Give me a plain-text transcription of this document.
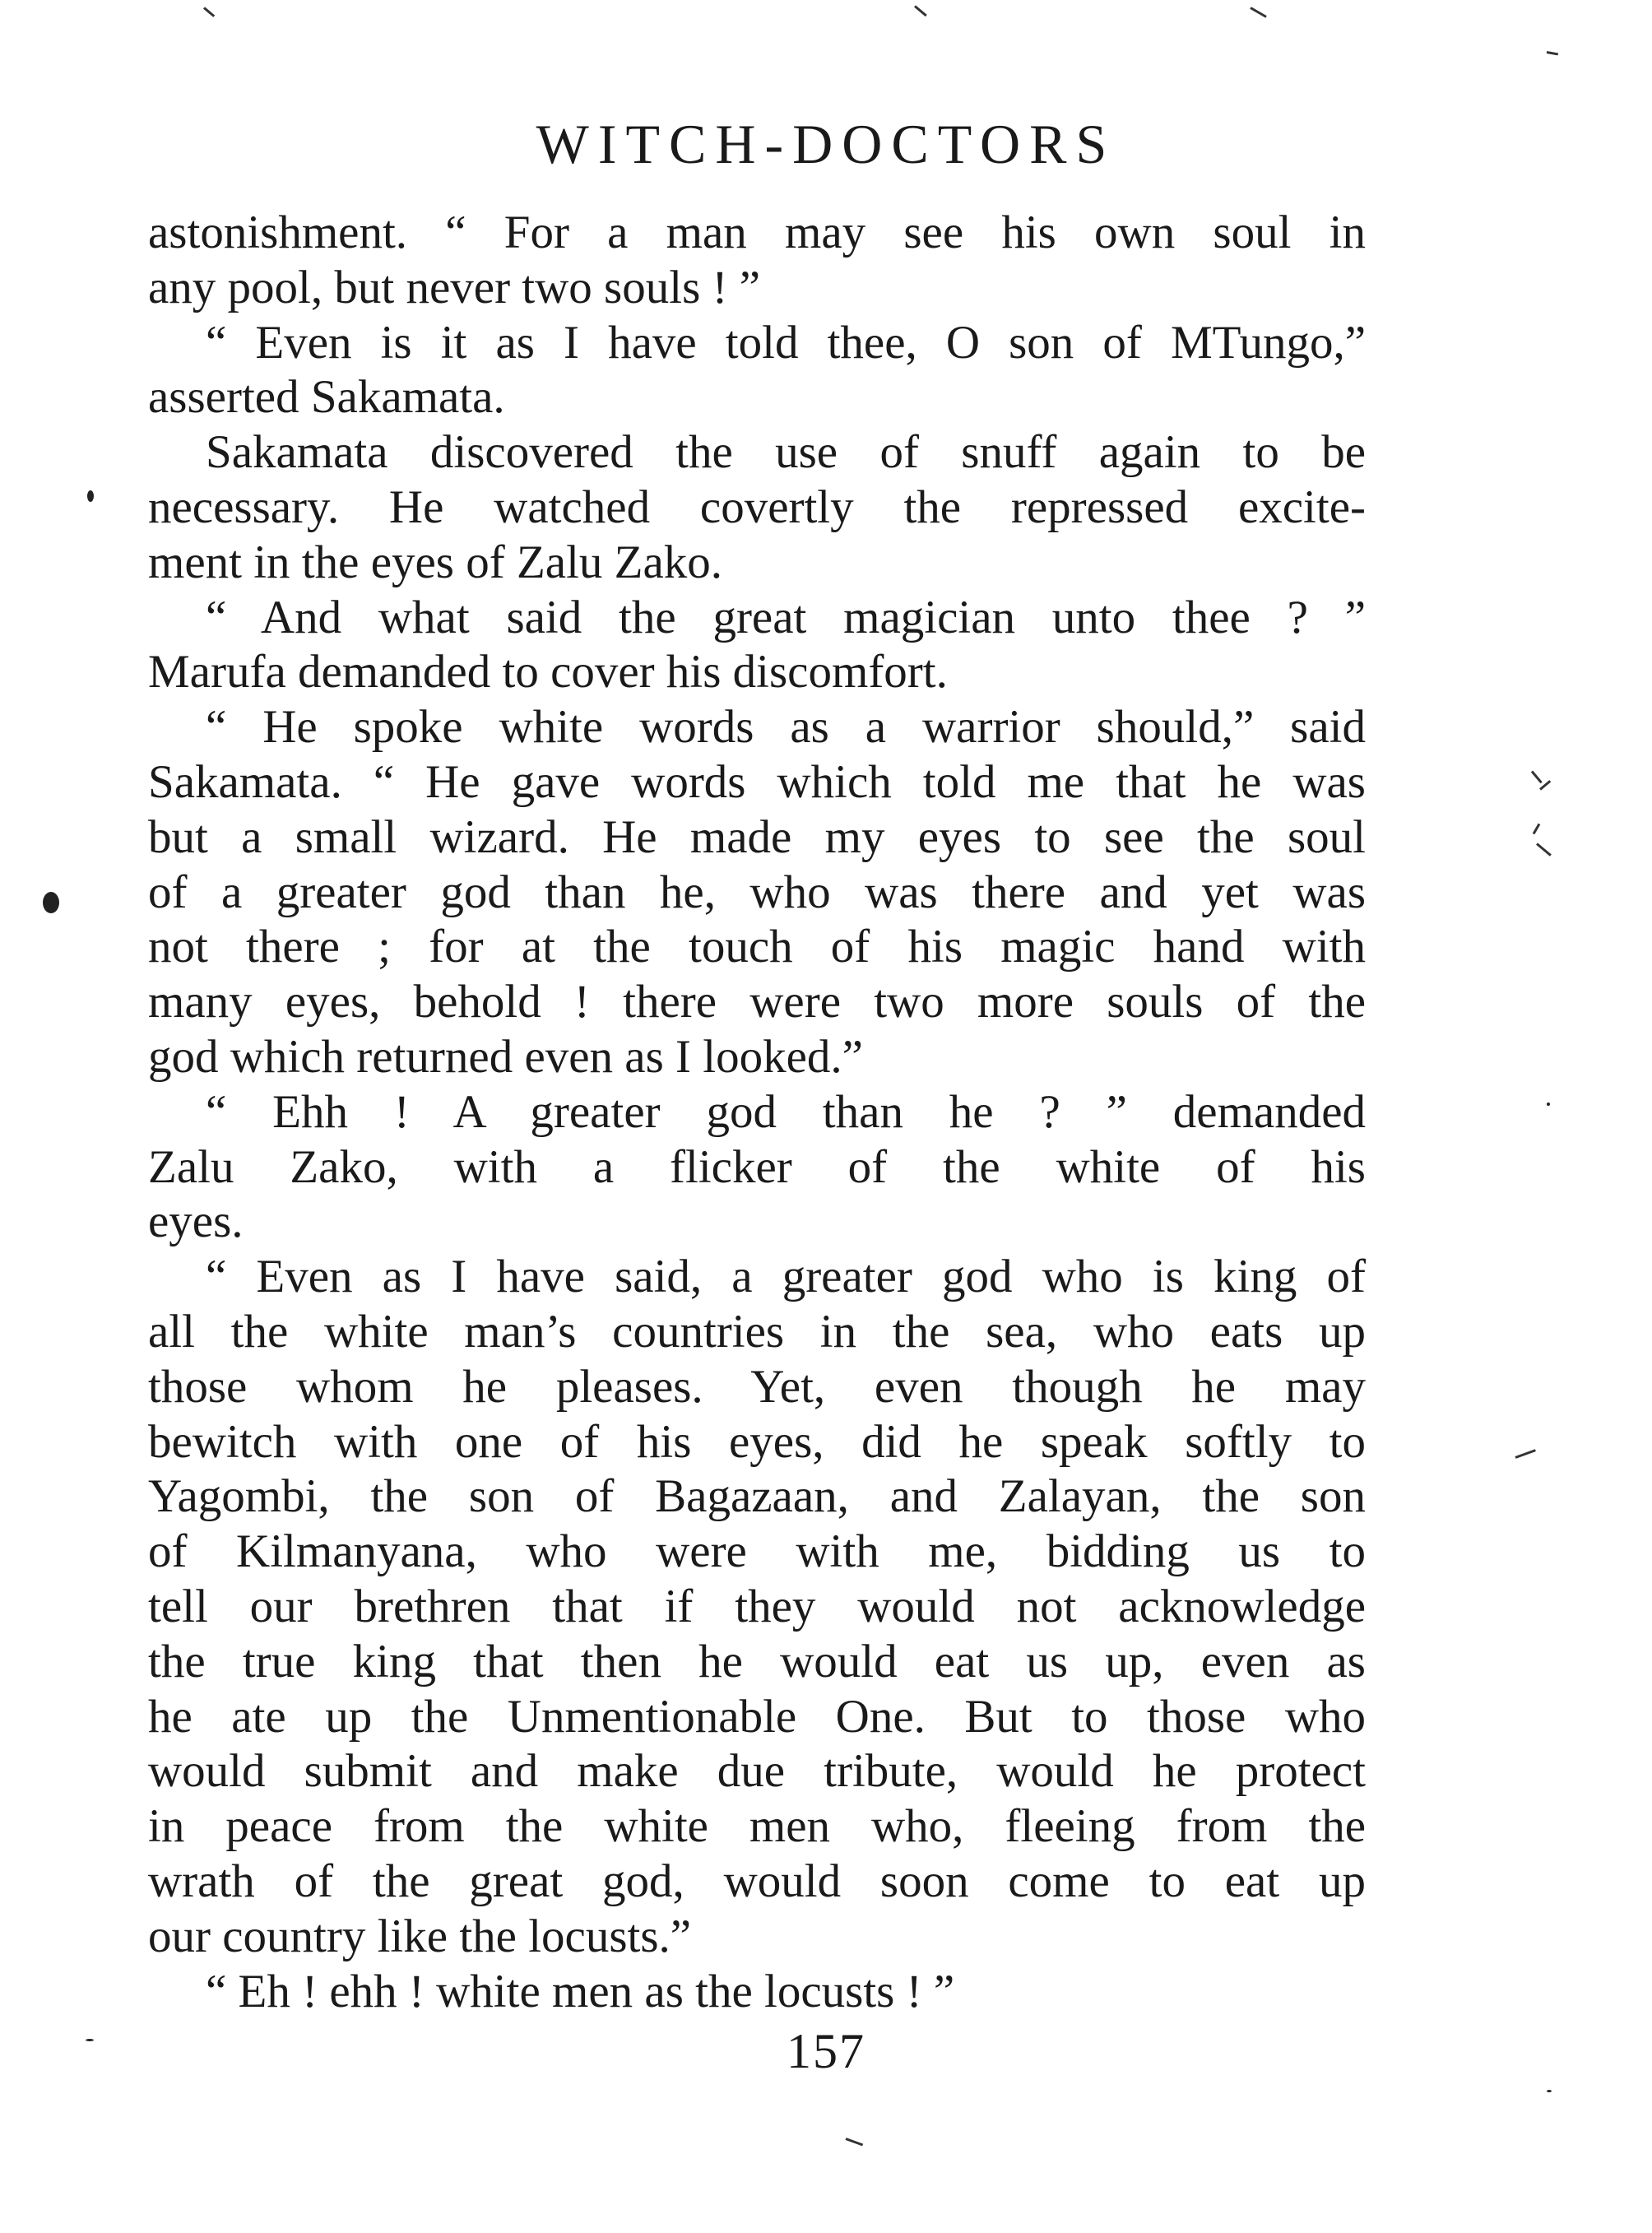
WITCH-DOCTORS
astonishment. “ For a man may see his own soul in
any pool, but never two souls ! ”
“ Even is it as I have told thee, O son of MTungo,”
asserted Sakamata.
Sakamata discovered the use of snuff again to be
necessary. He watched covertly the repressed excite-
ment in the eyes of Zalu Zako.
“ And what said the great magician unto thee ? ”
Marufa demanded to cover his discomfort.
“ He spoke white words as a warrior should,” said
Sakamata. “ He gave words which told me that he was
but a small wizard. He made my eyes to see the soul
of a greater god than he, who was there and yet was
not there ; for at the touch of his magic hand with
many eyes, behold ! there were two more souls of the
god which returned even as I looked.”
“ Ehh ! A greater god than he ? ” demanded
Zalu Zako, with a flicker of the white of his
eyes.
“ Even as I have said, a greater god who is king of
all the white man’s countries in the sea, who eats up
those whom he pleases. Yet, even though he may
bewitch with one of his eyes, did he speak softly to
Yagombi, the son of Bagazaan, and Zalayan, the son
of Kilmanyana, who were with me, bidding us to
tell our brethren that if they would not acknowledge
the true king that then he would eat us up, even as
he ate up the Unmentionable One. But to those who
would submit and make due tribute, would he protect
in peace from the white men who, fleeing from the
wrath of the great god, would soon come to eat up
our country like the locusts.”
“ Eh ! ehh ! white men as the locusts ! ”
157
